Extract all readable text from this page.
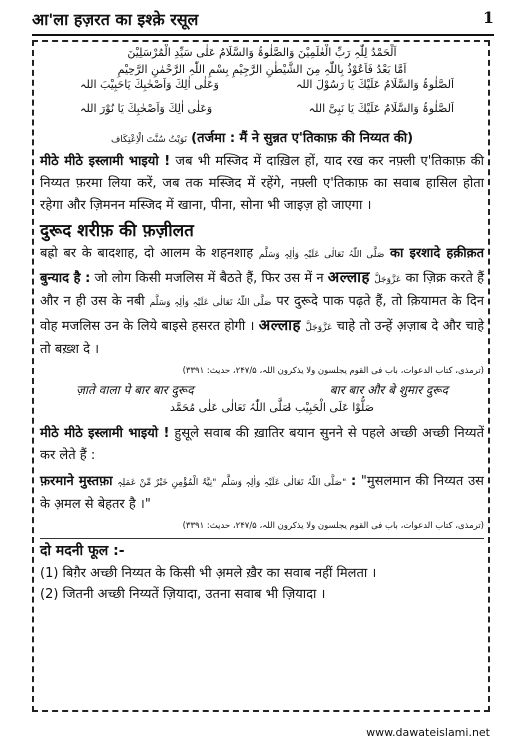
आ'ला हज़रत का इश्क़े रसूल	1
اَلْحَمْدُ لِلّٰہِ رَبِّ الْعٰلَمِیْنَ وَالصَّلٰوۃُ وَالسَّلَامُ عَلٰی سَیِّدِ الْمُرْسَلِیْنَ
اَمَّا بَعْدُ فَاَعُوْذُ بِاللّٰہِ مِنَ الشَّیْطٰنِ الرَّجِیْمِ بِسْمِ اللّٰہِ الرَّحْمٰنِ الرَّحِیْمِ
اَلصَّلٰوۃُ وَالسَّلَامُ عَلَیْكَ یَا رَسُوْلَ اللہ
وَعَلٰی اٰلِكَ وَاَصْحٰبِكَ یَاحَبِیْبَ اللہ
اَلصَّلٰوۃُ وَالسَّلَامُ عَلَیْكَ یَا نَبِیَّ اللہ
وَعَلٰی اٰلِكَ وَاَصْحٰبِكَ یَا نُوْرَ اللہ

نَوَیْتُ سُنَّتَ الْاِعْتِکَاف (तर्जमा : मैं ने सुन्नत ए'तिकाफ़ की निय्यत की)

मीठे मीठे इस्लामी भाइयो ! जब भी मस्जिद में दाख़िल हों, याद रख कर नफ़्ली ए'तिकाफ़ की निय्यत फ़रमा लिया करें, जब तक मस्जिद में रहेंगे, नफ़्ली ए'तिकाफ़ का सवाब हासिल होता रहेगा और ज़िमनन मस्जिद में खाना, पीना, सोना भी जाइज़ हो जाएगा ।

दुरूद शरीफ़ की फ़ज़ीलत

बह्रो बर के बादशाह, दो आलम के शहनशाह صَلَّی اللّٰہُ تَعَالٰی عَلَیْہِ وَاٰلِہٖ وَسَلَّم का इरशादे हक़ीक़त बुन्याद है : जो लोग किसी मजलिस में बैठते हैं, फिर उस में न अल्लाह عَزَّوَجَلَّ का ज़िक्र करते हैं और न ही उस के नबी صَلَّی اللّٰہُ تَعَالٰی عَلَیْہِ وَاٰلِہٖ وَسَلَّم पर दुरूदे पाक पढ़ते हैं, तो क़ियामत के दिन वोह मजलिस उन के लिये बाइसे हसरत होगी । अल्लाह عَزَّوَجَلَّ चाहे तो उन्हें अ़ज़ाब दे और चाहे तो बख़्श दे ।

(ترمذی، کتاب الدعوات، باب فی القوم یجلسون ولا یذکرون اللہ، ۲۴۷/۵، حدیث: ۳۳۹۱)
ज़ाते वाला पे बार बार दुरूद	बार बार और बे शुमार दुरूद
صَلُّوْا عَلَی الْحَبِیْب !
صَلَّی اللّٰہُ تَعَالٰی عَلٰی مُحَمَّد

मीठे मीठे इस्लामी भाइयो ! हुसूले सवाब की ख़ातिर बयान सुनने से पहले अच्छी अच्छी निय्यतें कर लेते हैं :

फ़रमाने मुस्तफ़ा	صَلَّی اللّٰہُ تَعَالٰی عَلَیْہِ وَاٰلِہٖ وَسَلَّم "نِیَّۃُ الْمُؤْمِنِ خَیْرٌ مِّنْ عَمَلِہٖ" : "मुसलमान की निय्यत उस के अ़मल से बेहतर है ।"

(ترمذی، کتاب الدعوات، باب فی القوم یجلسون ولا یذکرون اللہ، ۲۴۷/۵، حدیث: ۳۳۹۱)
दो मदनी फूल :-

(1) बिग़ैर अच्छी निय्यत के किसी भी अ़मले ख़ैर का सवाब नहीं मिलता ।

(2) जितनी अच्छी निय्यतें ज़ियादा, उतना सवाब भी ज़ियादा ।

www.dawateislami.net
